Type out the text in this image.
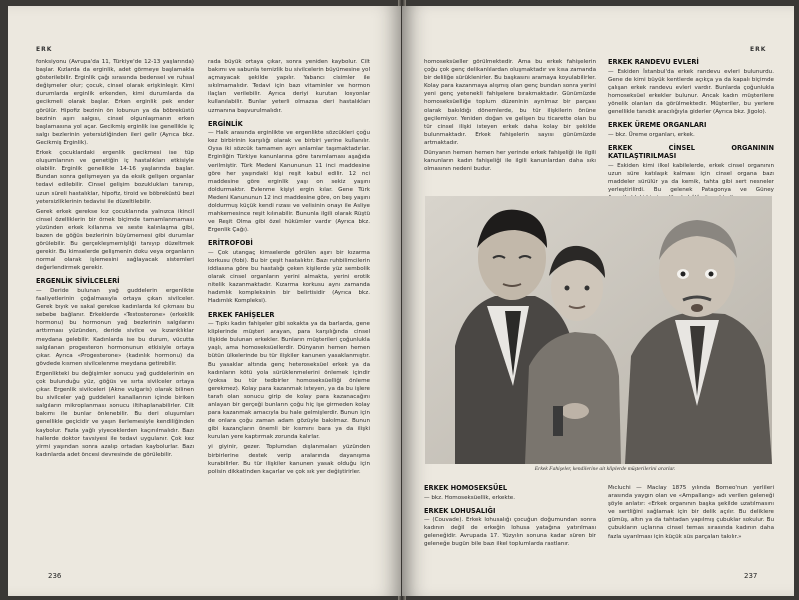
ERK

fonksiyonu (Avrupa'da 11, Türkiye'de 12-13 yaşlarında) başlar. Kızlarda da erginlik, adet görmeye başlamakla gösterilebilir. Erginlik çağı sırasında bedensel ve ruhsal değişmeler olur; çocuk, cinsel olarak erişkinleşir. Kimi durumlarda erginlik erkenden, kimi durumlarda da gecikmeli olarak başlar. Erken erginlik pek ender görülür. Hipofiz bezinin ön lobunun ya da böbreküstü bezinin aşırı salgısı, cinsel olgunlaşmanın erken başlamasına yol açar. Gecikmiş erginlik ise genellikle iç salgı bezlerinin yetersizliğinden ileri gelir (Ayrıca bkz. Gecikmiş Erginlik).

Erkek çocuklardaki ergenlik gecikmesi ise tüp oluşumlarının ve genetiğin iç hastalıkları etkisiyle olabilir. Erginlik genellikle 14-16 yaşlarında başlar. Bundan sonra gelişmeyen ya da eksik gelişen organlar tedavi edilebilir. Cinsel gelişim bozuklukları tanınıp, uzun süreli hastalıklar, hipofiz, tiroid ve böbreküstü bezi yetersizliklerinin tedavisi ile düzeltilebilir.

Gerek erkek gerekse kız çocuklarında yalnızca ikincil cinsel özelliklerin bir örnek biçimde tamamlanmaması yüzünden erkek kıllanma ve seste kalınlaşma gibi, bazen de göğüs bezlerinin büyümemesi gibi durumlar görülebilir. Bu gerçekleşmemişliği tanıyıp düzeltmek gerekir. Bu kimselerde gelişmenin doku veya organların normal olarak işlemesini sağlayacak sistemleri değerlendirmek gerekir.

ERGENLİK SİVİLCELERİ

— Deride bulunan yağ guddelerin ergenlikte faaliyetlerinin çoğalmasıyla ortaya çıkan sivilceler. Gerek bıyık ve sakal gerekse kadınlarda kıl çıkması bu sebebe bağlanır. Erkeklerde «Testosterone» (erkeklik hormonu) bu hormonun yağ bezlerinin salgılarını arttırması yüzünden, deride sivilce ve kızarıklıklar meydana gelebilir. Kadınlarda ise bu durum, vücutta salgılanan progesteron hormonunun etkisiyle ortaya çıkar. Ayrıca «Progesterone» (kadınlık hormonu) da gövdede kısmen sivilcelenme meydana getirebilir.

Ergenlikteki bu değişimler sonucu yağ guddelerinin en çok bulunduğu yüz, göğüs ve sırta sivilceler ortaya çıkar. Ergenlik sivilceleri (Akne vulgaris) olarak bilinen bu sivilceler yağ guddeleri kanallarının içinde biriken salgıların mikroplanması sonucu iltihaplanabilirler. Cilt bakımı ile bunlar önlenebilir. Bu deri oluşumları genellikle geçicidir ve yaşın ilerlemesiyle kendiliğinden kaybolur. Fazla yağlı yiyeceklerden kaçınılmalıdır. Bazı hallerde doktor tavsiyesi ile tedavi uygulanır. Çok kez yirmi yaşından sonra azalıp ortadan kaybolurlar. Bazı kadınlarda adet öncesi devresinde de görülebilir.

rada büyük ortaya çıkar, sonra yeniden kaybolur. Cilt bakımı ve sabunla temizlik bu sivilcelerin büyümesine yol açmayacak şekilde yapılır. Yabancı cisimler ile sıkılmamalıdır. Tedavi için bazı vitaminler ve hormon ilaçları verilebilir. Ayrıca deriyi kurutan losyonlar kullanılabilir. Bunlar yeterli olmazsa deri hastalıkları uzmanına başvurulmalıdır.

ERGİNLİK

— Halk arasında erginlikte ve ergenlikte sözcükleri çoğu kez birbirinin karşılığı olarak ve birbiri yerine kullanılır. Oysa iki sözcük tamamen ayrı anlamlar taşımaktadırlar. Erginliğin Türkiye kanunlarına göre tanımlaması aşağıda verilmiştir. Türk Medeni Kanununun 11 inci maddesine göre her yaşındaki kişi reşit kabul edilir. 12 nci maddesine göre erginlik yaşı on sekiz yaşını doldurmaktır. Evlenme kişiyi ergin kılar. Gene Türk Medeni Kanununun 12 inci maddesine göre, on beş yaşını doldurmuş küçük kendi rızası ve velisinin onayı ile Asliye mahkemesince reşit kılınabilir. Bununla ilgili olarak Rüştü ve Reşit Olma gibi özel hükümler vardır (Ayrıca bkz. Ergenlik Çağı).

ERİTROFOBİ

— Çok utangaç kimselerde görülen aşırı bir kızarma korkusu (fobi). Bu bir çeşit hastalıktır. Bazı ruhbilimcilerin iddiasına göre bu hastalığı çeken kişilerde yüz sembolik olarak cinsel organların yerini almakta, yerini erotik nitelik kazanmaktadır. Kızarma korkusu aynı zamanda hadımlık kompleksinin bir belirtisidir (Ayrıca bkz. Hadımlık Kompleksi).

ERKEK FAHİŞELER

— Tıpkı kadın fahişeler gibi sokakta ya da barlarda, gene kliplerinde müşteri arayan, para karşılığında cinsel ilişkide bulunan erkekler. Bunların müşterileri çoğunlukla yaşlı, ama homoseksüellerdir. Dünyanın hemen hemen bütün ülkelerinde bu tür ilişkiler kanunen yasaklanmıştır. Bu yasaklar altında genç heteroseksüel erkek ya da kadınların kötü yola sürüklenmelerini önlemek içindir (yoksa bu tür tedbirler homoseksüelliği önleme gerekmez). Kolay para kazanmak isteyen, ya da bu işlere tarafı olan sonucu girip de kolay para kazanacağını anlayan bir gerçeği bunların çoğu hiç işe girmeden kolay para kazanmak amacıyla bu hale gelmişlerdir. Bunun için de onlara çoğu zaman adam gözüyle bakılmaz. Bunun gibi kazançların önemli bir kısmını bara ya da ilişki kurulan yere kaptırmak zorunda kalırlar.

yi giyinir, gezer. Toplumdan dışlanmaları yüzünden birbirlerine destek verip aralarında dayanışma kurabilirler. Bu tür ilişkiler kanunen yasak olduğu için polisin dikkatinden kaçarlar ve çok sık yer değiştirirler.

236
ERK

homoseksüeller görülmektedir. Ama bu erkek fahişelerin çoğu çok genç delikanlılardan oluşmaktadır ve kısa zamanda bir deliliğe sürüklenirler. Bu başkasını aramaya koyulabilirler. Kolay para kazanmaya alışmış olan genç bundan sonra yerini yeni genç yetenekli fahişelere bırakmaktadır. Günümüzde homoseksüelliğe toplum düzeninin ayrılmaz bir parçası olarak bakıldığı dönemlerde, bu tür ilişkilerin önüne geçilemiyor. Yeniden doğan ve gelişen bu ticarette olan bu tür cinsel ilişki isteyen erkek daha kolay bir şekilde bulunmaktadır. Erkek fahişelerin sayısı günümüzde artmaktadır.

Dünyanın hemen hemen her yerinde erkek fahişeliği ile ilgili kanunların kadın fahişeliği ile ilgili kanunlardan daha sıkı olmasının nedeni budur.

ERKEK RANDEVU EVLERİ

— Eskiden İstanbul'da erkek randevu evleri bulunurdu. Gene de kimi büyük kentlerde açıkça ya da kapalı biçimde çalışan erkek randevu evleri vardır. Bunlarda çoğunlukla homoseksüel erkekler bulunur. Ancak kadın müşterilere yönelik olanları da görülmektedir. Müşteriler, bu yerlere genellikle tanıdık aracılığıyla giderler (Ayrıca bkz. Jigolo).

ERKEK ÜREME ORGANLARI

— bkz. Üreme organları, erkek.

ERKEK CİNSEL ORGANININ KATILAŞTIRILMASI

— Eskiden kimi ilkel kabilelerde, erkek cinsel organının uzun süre katılaşık kalması için cinsel organa bazı maddeler sürülür ya da kemik, tahta gibi sert nesneler yerleştirilirdi. Bu gelenek Patagonya ve Güney

ERKEK HOMOSEKSÜEL

— bkz. Homoseksüellik, erkekte.

ERKEK LOHUSALIĞI

— (Couvade). Erkek lohusalığı çocuğun doğumundan sonra kadının değil de erkeğin lohusa yatağına yatırılması geleneğidir. Avrupada 17. Yüzyılın sonuna kadar süren bir geleneğe bugün bile bazı ilkel toplumlarda rastlanır.

Mıcluchi — Maclay 1875 yılında Borneo'nun yerlileri arasında yaygın olan ve «Ampallang» adı verilen geleneği şöyle anlatır: «Erkek organının başka şekilde uzatılmasını ve sertliğini sağlamak için bir delik açılır. Bu deliklere gümüş, altın ya da tahtadan yapılmış çubuklar sokulur. Bu çubukların uçlarına cinsel temas sırasında kadının daha fazla uyarılması için küçük süs parçaları takılır.»

237
Erkek Fahişeler, kendilerine ait kliplerde müşterilerini ararlar.
